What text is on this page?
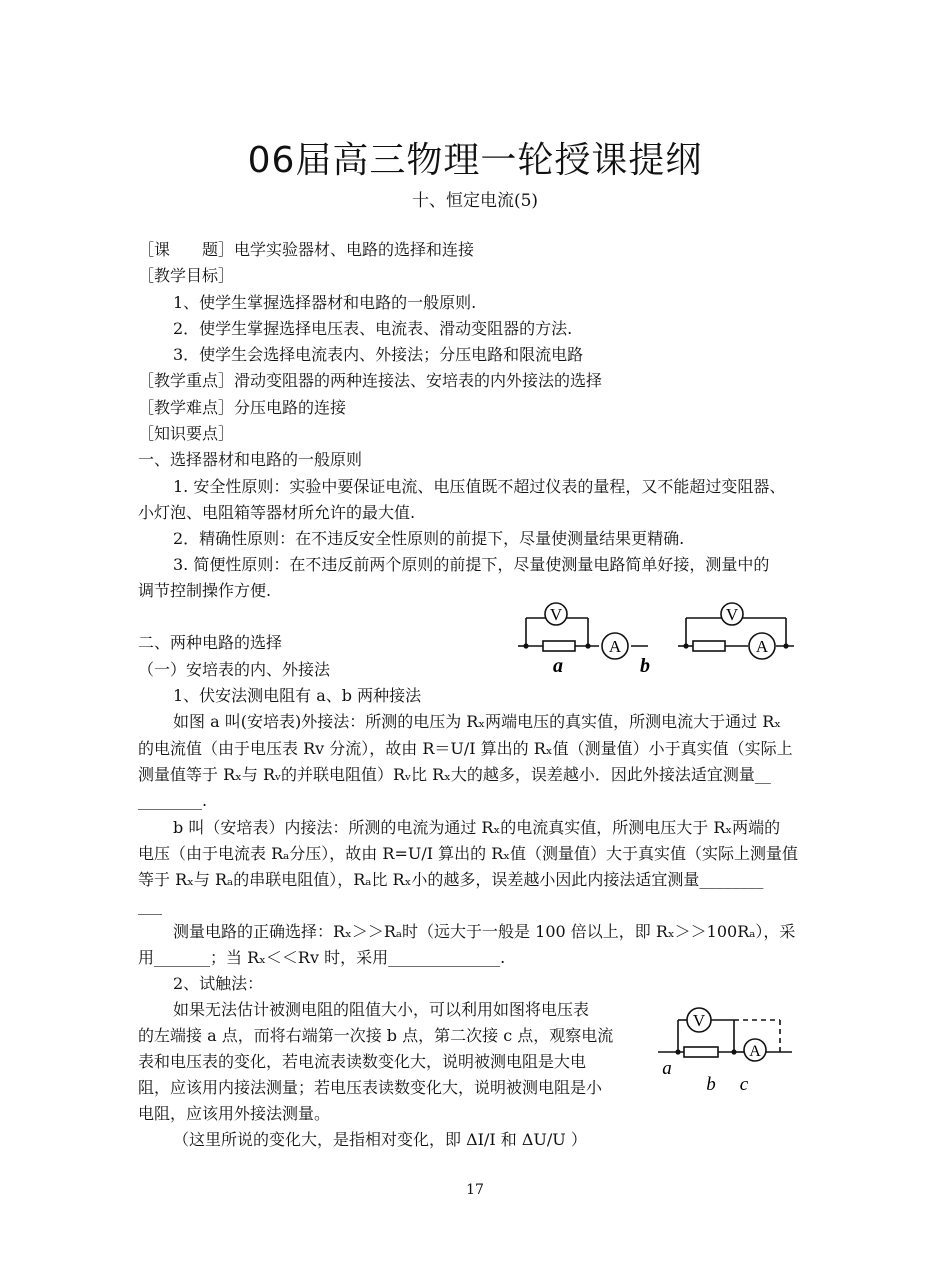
06届高三物理一轮授课提纲
十、恒定电流(5)
［课　　题］电学实验器材、电路的选择和连接
［教学目标］
1、使学生掌握选择器材和电路的一般原则.
2．使学生掌握选择电压表、电流表、滑动变阻器的方法.
3．使学生会选择电流表内、外接法；分压电路和限流电路
［教学重点］滑动变阻器的两种连接法、安培表的内外接法的选择
［教学难点］分压电路的连接
［知识要点］
一、选择器材和电路的一般原则
1. 安全性原则：实验中要保证电流、电压值既不超过仪表的量程，又不能超过变阻器、
小灯泡、电阻箱等器材所允许的最大值.
2．精确性原则：在不违反安全性原则的前提下，尽量使测量结果更精确.
3. 简便性原则：在不违反前两个原则的前提下，尽量使测量电路简单好接，测量中的
调节控制操作方便.
二、两种电路的选择
（一）安培表的内、外接法
1、伏安法测电阻有 a、b 两种接法
如图 a 叫(安培表)外接法：所测的电压为 Rₓ两端电压的真实值，所测电流大于通过 Rₓ
的电流值（由于电压表 Rv 分流），故由 R＝U/I 算出的 Rₓ值（测量值）小于真实值（实际上
测量值等于 Rₓ与 Rᵥ的并联电阻值）Rᵥ比 Rₓ大的越多，误差越小．因此外接法适宜测量__
________.
b 叫（安培表）内接法：所测的电流为通过 Rₓ的电流真实值，所测电压大于 Rₓ两端的
电压（由于电流表 Rₐ分压），故由 R=U/I 算出的 Rₓ值（测量值）大于真实值（实际上测量值
等于 Rₓ与 Rₐ的串联电阻值），Rₐ比 Rₓ小的越多，误差越小因此内接法适宜测量________
___
测量电路的正确选择：Rₓ＞＞Rₐ时（远大于一般是 100 倍以上，即 Rₓ＞＞100Rₐ），采
用_______；当 Rₓ＜＜Rv 时，采用______________.
2、试触法：
如果无法估计被测电阻的阻值大小，可以利用如图将电压表
的左端接 a 点，而将右端第一次接 b 点，第二次接 c 点，观察电流
表和电压表的变化，若电流表读数变化大，说明被测电阻是大电
阻，应该用内接法测量；若电压表读数变化大，说明被测电阻是小
电阻，应该用外接法测量。
（这里所说的变化大，是指相对变化，即 ΔI/I 和 ΔU/U ）
V
A
V
A
a	b
V
A
a
b c
17
